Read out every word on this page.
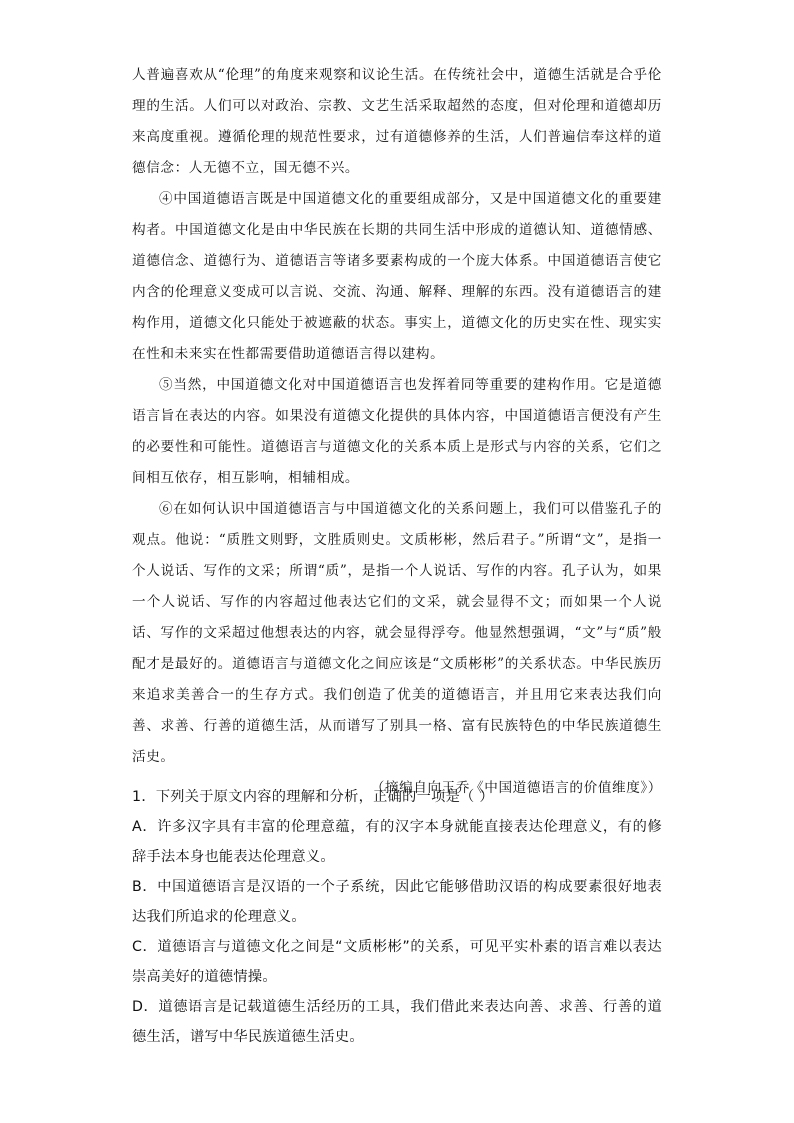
人普遍喜欢从“伦理”的角度来观察和议论生活。在传统社会中，道德生活就是合乎伦理的生活。人们可以对政治、宗教、文艺生活采取超然的态度，但对伦理和道德却历来高度重视。遵循伦理的规范性要求，过有道德修养的生活，人们普遍信奉这样的道德信念：人无德不立，国无德不兴。

④中国道德语言既是中国道德文化的重要组成部分，又是中国道德文化的重要建构者。中国道德文化是由中华民族在长期的共同生活中形成的道德认知、道德情感、道德信念、道德行为、道德语言等诸多要素构成的一个庞大体系。中国道德语言使它内含的伦理意义变成可以言说、交流、沟通、解释、理解的东西。没有道德语言的建构作用，道德文化只能处于被遮蔽的状态。事实上，道德文化的历史实在性、现实实在性和未来实在性都需要借助道德语言得以建构。

⑤当然，中国道德文化对中国道德语言也发挥着同等重要的建构作用。它是道德语言旨在表达的内容。如果没有道德文化提供的具体内容，中国道德语言便没有产生的必要性和可能性。道德语言与道德文化的关系本质上是形式与内容的关系，它们之间相互依存，相互影响，相辅相成。

⑥在如何认识中国道德语言与中国道德文化的关系问题上，我们可以借鉴孔子的观点。他说：“质胜文则野，文胜质则史。文质彬彬，然后君子。”所谓“文”，是指一个人说话、写作的文采；所谓“质”，是指一个人说话、写作的内容。孔子认为，如果一个人说话、写作的内容超过他表达它们的文采，就会显得不文；而如果一个人说话、写作的文采超过他想表达的内容，就会显得浮夸。他显然想强调，“文”与“质”般配才是最好的。道德语言与道德文化之间应该是“文质彬彬”的关系状态。中华民族历来追求美善合一的生存方式。我们创造了优美的道德语言，并且用它来表达我们向善、求善、行善的道德生活，从而谱写了别具一格、富有民族特色的中华民族道德生活史。

（摘编自向玉乔《中国道德语言的价值维度》）

1．下列关于原文内容的理解和分析，正确的一项是（ ）

A．许多汉字具有丰富的伦理意蕴，有的汉字本身就能直接表达伦理意义，有的修辞手法本身也能表达伦理意义。

B．中国道德语言是汉语的一个子系统，因此它能够借助汉语的构成要素很好地表达我们所追求的伦理意义。

C．道德语言与道德文化之间是“文质彬彬”的关系，可见平实朴素的语言难以表达崇高美好的道德情操。

D．道德语言是记载道德生活经历的工具，我们借此来表达向善、求善、行善的道德生活，谱写中华民族道德生活史。
